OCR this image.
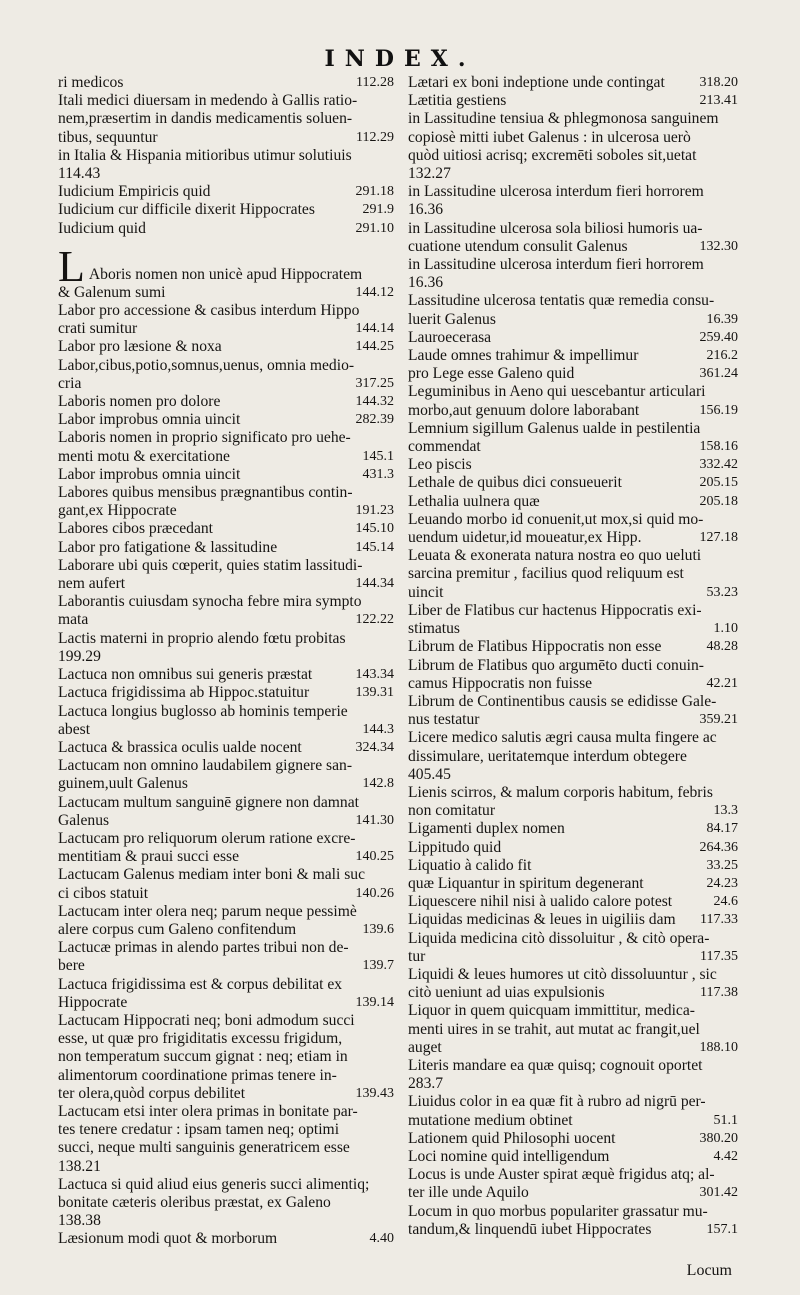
INDEX.
ri medicos	112.28
Itali medici diuersam in medendo à Gallis ratio-
nem,præsertim in dandis medicamentis soluen-
tibus, sequuntur	112.29
in Italia & Hispania mitioribus utimur solutiuis
114.43
Iudicium Empiricis quid	291.18
Iudicium cur difficile dixerit Hippocrates	291.9
Iudicium quid	291.10
L Aboris nomen non unicè apud Hippocratem
& Galenum sumi	144.12
Labor pro accessione & casibus interdum Hippo
crati sumitur	144.14
Labor pro læsione & noxa	144.25
Labor,cibus,potio,somnus,uenus, omnia medio-
cria	317.25
Laboris nomen pro dolore	144.32
Labor improbus omnia uincit	282.39
Laboris nomen in proprio significato pro uehe-
menti motu & exercitatione	145.1
Labor improbus omnia uincit	431.3
Labores quibus mensibus prægnantibus contin-
gant,ex Hippocrate	191.23
Labores cibos præcedant	145.10
Labor pro fatigatione & lassitudine	145.14
Laborare ubi quis cœperit, quies statim lassitudi-
nem aufert	144.34
Laborantis cuiusdam synocha febre mira sympto
mata	122.22
Lactis materni in proprio alendo fœtu probitas
199.29
Lactuca non omnibus sui generis præstat	143.34
Lactuca frigidissima ab Hippoc.statuitur	139.31
Lactuca longius buglosso ab hominis temperie
abest	144.3
Lactuca & brassica oculis ualde nocent	324.34
Lactucam non omnino laudabilem gignere san-
guinem,uult Galenus	142.8
Lactucam multum sanguinē gignere non damnat
Galenus	141.30
Lactucam pro reliquorum olerum ratione excre-
mentitiam & praui succi esse	140.25
Lactucam Galenus mediam inter boni & mali suc
ci cibos statuit	140.26
Lactucam inter olera neq; parum neque pessimè
alere corpus cum Galeno confitendum	139.6
Lactucæ primas in alendo partes tribui non de-
bere	139.7
Lactuca frigidissima est & corpus debilitat ex
Hippocrate	139.14
Lactucam Hippocrati neq; boni admodum succi
esse, ut quæ pro frigiditatis excessu frigidum,
non temperatum succum gignat : neq; etiam in
alimentorum coordinatione primas tenere in-
ter olera,quòd corpus debilitet	139.43
Lactucam etsi inter olera primas in bonitate par-
tes tenere credatur : ipsam tamen neq; optimi
succi, neque multi sanguinis generatricem esse
138.21
Lactuca si quid aliud eius generis succi alimentiq;
bonitate cæteris oleribus præstat, ex Galeno
138.38
Læsionum modi quot & morborum	4.40
Lætari ex boni indeptione unde contingat	318.20
Lætitia gestiens	213.41
in Lassitudine tensiua & phlegmonosa sanguinem
copiosè mitti iubet Galenus : in ulcerosa uerò
quòd uitiosi acrisq; excremēti soboles sit,uetat
132.27
in Lassitudine ulcerosa interdum fieri horrorem
16.36
in Lassitudine ulcerosa sola biliosi humoris ua-
cuatione utendum consulit Galenus	132.30
in Lassitudine ulcerosa interdum fieri horrorem
16.36
Lassitudine ulcerosa tentatis quæ remedia consu-
luerit Galenus	16.39
Lauroecerasa	259.40
Laude omnes trahimur & impellimur	216.2
pro Lege esse Galeno quid	361.24
Leguminibus in Aeno qui uescebantur articulari
morbo,aut genuum dolore laborabant	156.19
Lemnium sigillum Galenus ualde in pestilentia
commendat	158.16
Leo piscis	332.42
Lethale de quibus dici consueuerit	205.15
Lethalia uulnera quæ	205.18
Leuando morbo id conuenit,ut mox,si quid mo-
uendum uidetur,id moueatur,ex Hipp.	127.18
Leuata & exonerata natura nostra eo quo ueluti
sarcina premitur , facilius quod reliquum est
uincit	53.23
Liber de Flatibus cur hactenus Hippocratis exi-
stimatus	1.10
Librum de Flatibus Hippocratis non esse	48.28
Librum de Flatibus quo argumēto ducti conuin-
camus Hippocratis non fuisse	42.21
Librum de Continentibus causis se edidisse Gale-
nus testatur	359.21
Licere medico salutis ægri causa multa fingere ac
dissimulare, ueritatemque interdum obtegere
405.45
Lienis scirros, & malum corporis habitum, febris
non comitatur	13.3
Ligamenti duplex nomen	84.17
Lippitudo quid	264.36
Liquatio à calido fit	33.25
quæ Liquantur in spiritum degenerant	24.23
Liquescere nihil nisi à ualido calore potest	24.6
Liquidas medicinas & leues in uigiliis dam	117.33
Liquida medicina citò dissoluitur , & citò opera-
tur	117.35
Liquidi & leues humores ut citò dissoluuntur , sic
citò ueniunt ad uias expulsionis	117.38
Liquor in quem quicquam immittitur, medica-
menti uires in se trahit, aut mutat ac frangit,uel
auget	188.10
Literis mandare ea quæ quisq; cognouit oportet
283.7
Liuidus color in ea quæ fit à rubro ad nigrū per-
mutatione medium obtinet	51.1
Lationem quid Philosophi uocent	380.20
Loci nomine quid intelligendum	4.42
Locus is unde Auster spirat æquè frigidus atq; al-
ter ille unde Aquilo	301.42
Locum in quo morbus populariter grassatur mu-
tandum,& linquendū iubet Hippocrates	157.1
Locum
